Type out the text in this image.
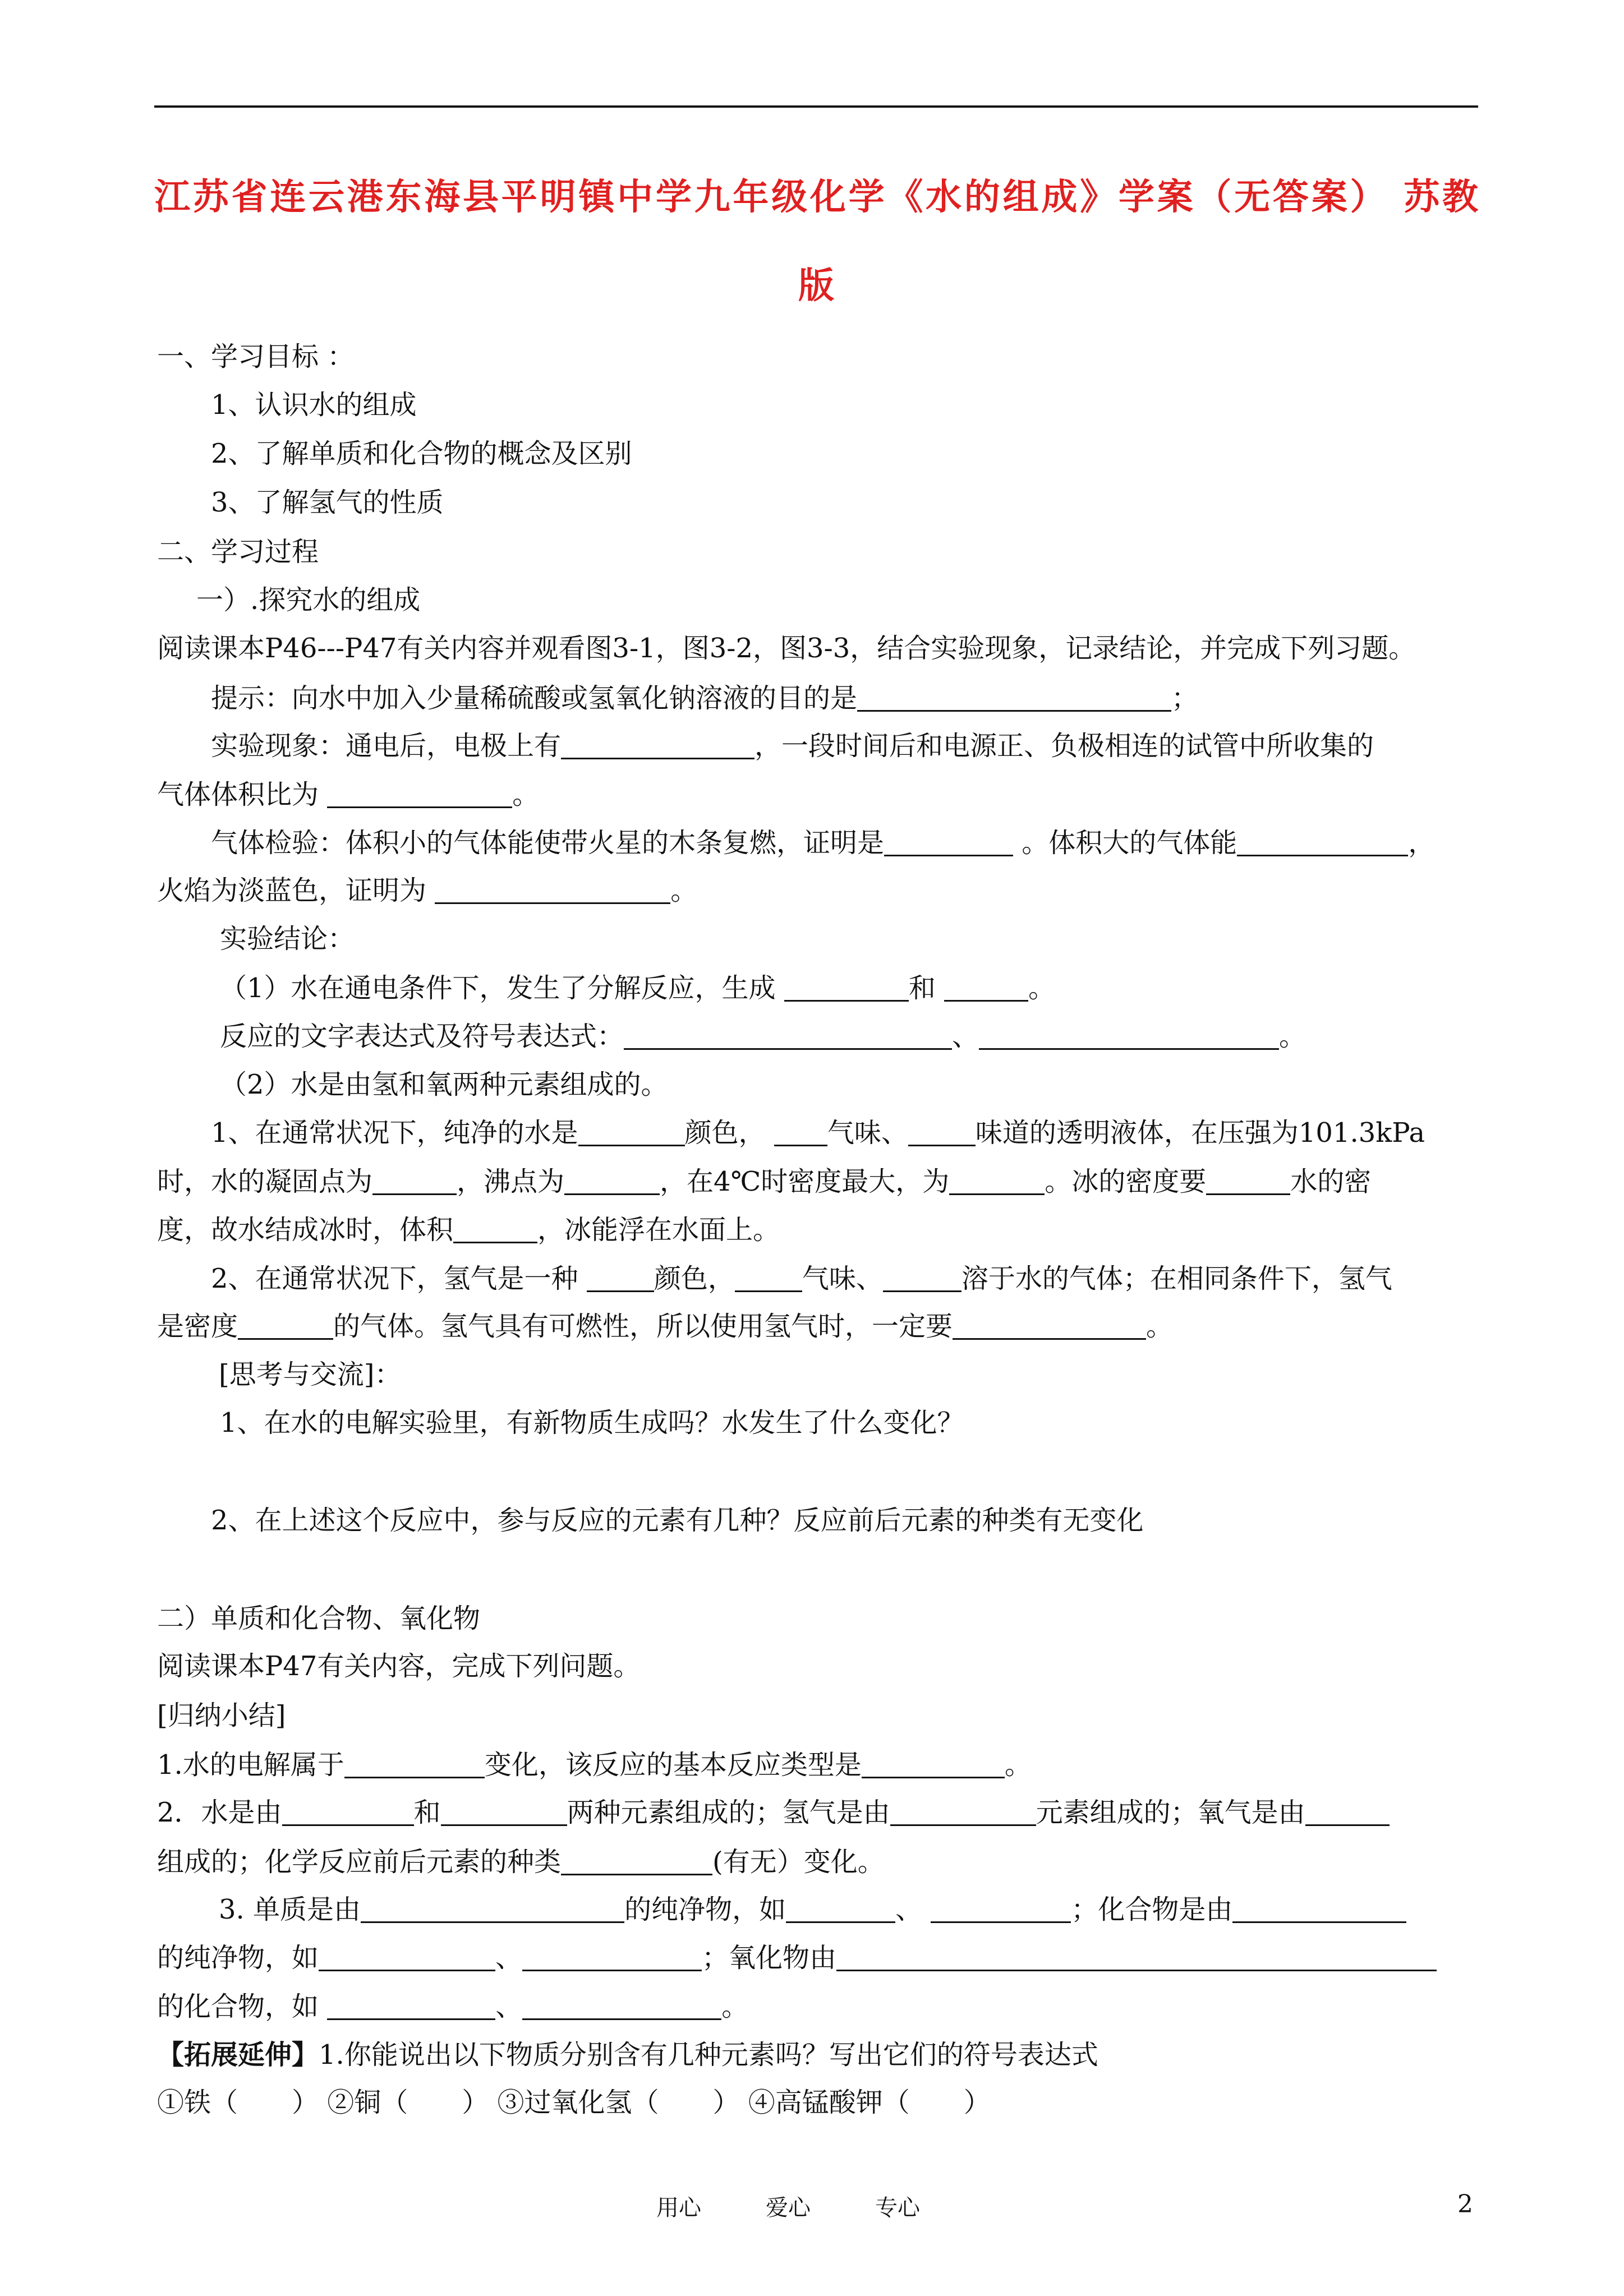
江苏省连云港东海县平明镇中学九年级化学《水的组成》学案（无答案） 苏教
版
一、学习目标 ：
1、认识水的组成
2、了解单质和化合物的概念及区别
3、了解氢气的性质
二、学习过程
一）.探究水的组成
阅读课本P46---P47有关内容并观看图3-1，图3-2，图3-3，结合实验现象，记录结论，并完成下列习题。
提示：向水中加入少量稀硫酸或氢氧化钠溶液的目的是	；
实验现象：通电后，电极上有	，一段时间后和电源正、负极相连的试管中所收集的
气体体积比为	。
气体检验：体积小的气体能使带火星的木条复燃，证明是	。体积大的气体能	，
火焰为淡蓝色，证明为	。
实验结论：
（1）水在通电条件下，发生了分解反应，生成	和	。
反应的文字表达式及符号表达式：	、	。
（2）水是由氢和氧两种元素组成的。
1、在通常状况下，纯净的水是	颜色， 气味、	味道的透明液体，在压强为101.3kPa
时，水的凝固点为	，沸点为	，在4℃时密度最大，为	。冰的密度要	水的密
度，故水结成冰时，体积	，冰能浮在水面上。
2、在通常状况下，氢气是一种	颜色，	气味、	溶于水的气体；在相同条件下，氢气
是密度	的气体。氢气具有可燃性，所以使用氢气时，一定要	。
[思考与交流]：
1、在水的电解实验里，有新物质生成吗？水发生了什么变化？
2、在上述这个反应中，参与反应的元素有几种？反应前后元素的种类有无变化
二）单质和化合物、氧化物
阅读课本P47有关内容，完成下列问题。
[归纳小结]
1.水的电解属于	变化，该反应的基本反应类型是	。
2．水是由	和	两种元素组成的；氢气是由	元素组成的；氧气是由
组成的；化学反应前后元素的种类	(有无）变化。
3. 单质是由	的纯净物，如	、	；化合物是由
的纯净物，如	、	；氧化物由
的化合物，如	、	。
【拓展延伸】1.你能说出以下物质分别含有几种元素吗？写出它们的符号表达式
①铁（　　） ②铜（　　） ③过氧化氢（　　） ④高锰酸钾（　　）
用心	爱心	专心	2
